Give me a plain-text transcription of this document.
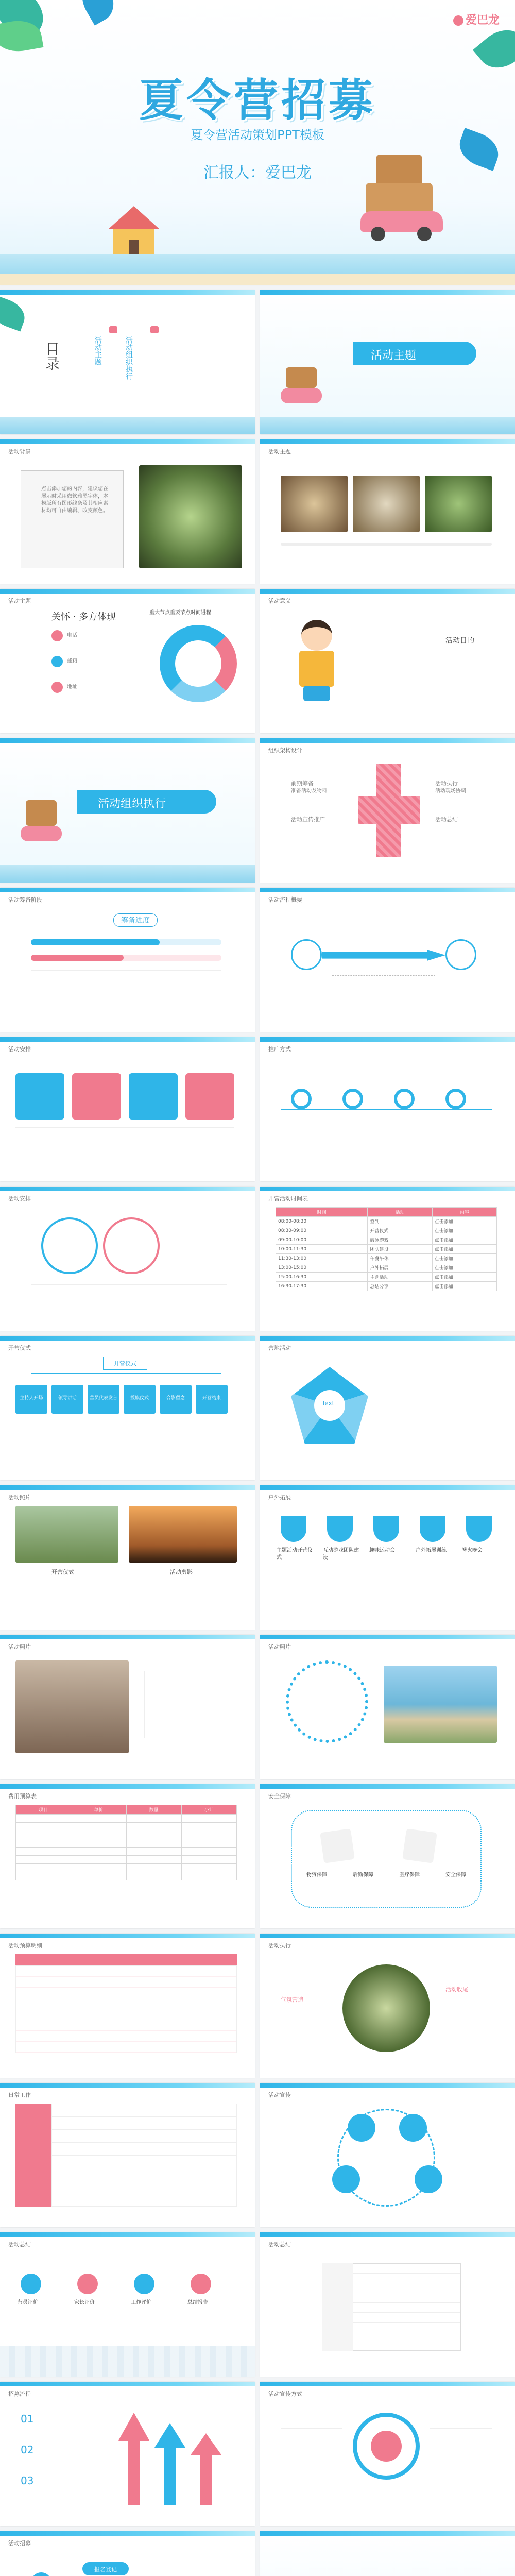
爱巴龙
夏令营招募
夏令营活动策划PPT模板
汇报人：爱巴龙
目录	活动主题	活动组织执行	活动主题
活动背景
点击添加您的内容，建议您在展示时采用微软雅黑字体，本模版所有图形线条及其相应素材均可自由编辑、改变颜色。
活动主题
活动主题
关怀 · 多方体现
电话
邮箱
地址
重大节点重要节点时间进程
活动意义
活动目的
活动组织执行
组织架构设计
前期筹备
准备活动及物料
活动宣传推广
活动执行
活动现场协调
活动总结
活动筹备阶段
筹备进度
活动流程概要
活动安排	推广方式
活动安排	开营活动时间表
时间	活动	内容
08:00-08:30	签到	点击添加
08:30-09:00	开营仪式	点击添加
09:00-10:00	破冰游戏	点击添加
10:00-11:30	团队建设	点击添加
11:30-13:00	午餐午休	点击添加
13:00-15:00	户外拓展	点击添加
15:00-16:30	主题活动	点击添加
16:30-17:30	总结分享	点击添加
开营仪式
开营仪式
主持人开场	领导讲话	营员代表发言	授旗仪式	合影留念	开营结束
营地活动
Text
活动照片
开营仪式	活动剪影
户外拓展
主题活动开营仪式
互动游戏团队建设
趣味运动会	户外拓展训练	篝火晚会
活动照片	活动照片
费用预算表
项目	单价	数量	小计

安全保障
物资保障	后勤保障	医疗保障	安全保障
活动预算明细	活动执行
气氛营造
活动收尾
日常工作	活动宣传
活动总结
营员评价	家长评价	工作评价	总结报告
活动总结
招募流程
01
02
03
活动宣传方式
活动招募
报名登记
